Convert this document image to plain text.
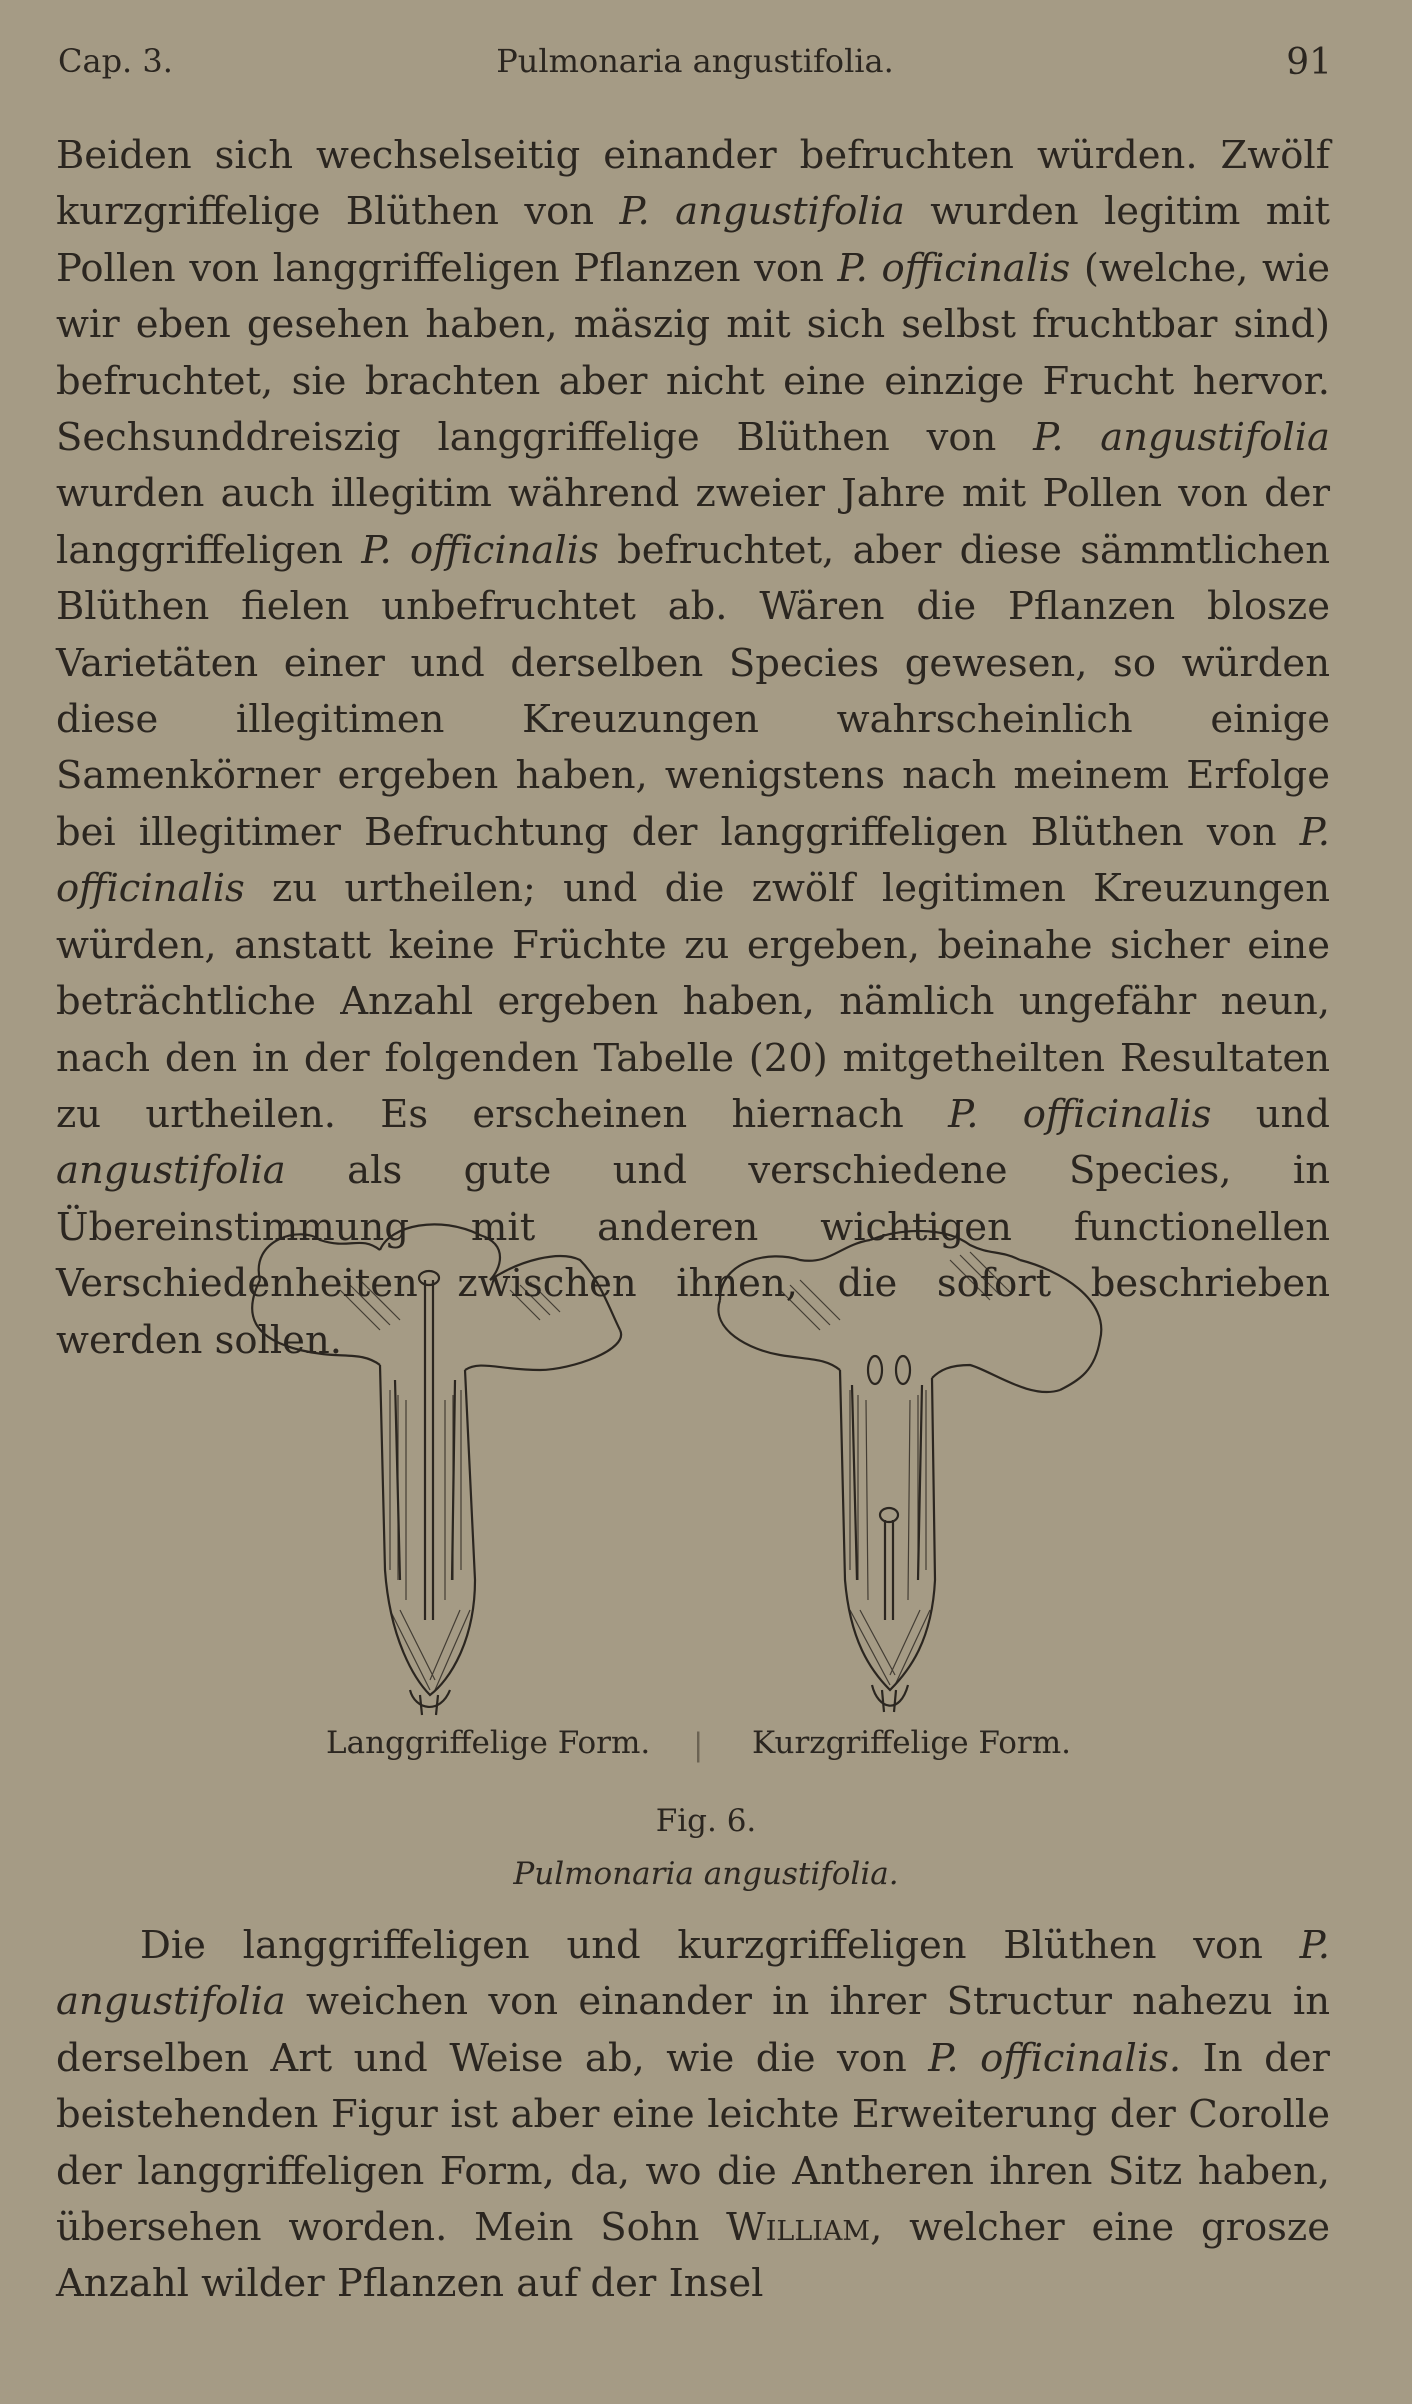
Cap. 3.	Pulmonaria angustifolia.	91

Beiden sich wechselseitig einander befruchten würden. Zwölf kurzgriffelige Blüthen von P. angustifolia wurden legitim mit Pollen von langgriffeligen Pflanzen von P. officinalis (welche, wie wir eben gesehen haben, mäszig mit sich selbst fruchtbar sind) befruchtet, sie brachten aber nicht eine einzige Frucht hervor. Sechsunddreiszig langgriffelige Blüthen von P. angustifolia wurden auch illegitim während zweier Jahre mit Pollen von der langgriffeligen P. officinalis befruchtet, aber diese sämmtlichen Blüthen fielen unbefruchtet ab. Wären die Pflanzen blosze Varietäten einer und derselben Species gewesen, so würden diese illegitimen Kreuzungen wahrscheinlich einige Samenkörner ergeben haben, wenigstens nach meinem Erfolge bei illegitimer Befruchtung der langgriffeligen Blüthen von P. officinalis zu urtheilen; und die zwölf legitimen Kreuzungen würden, anstatt keine Früchte zu ergeben, beinahe sicher eine beträchtliche Anzahl ergeben haben, nämlich ungefähr neun, nach den in der folgenden Tabelle (20) mitgetheilten Resultaten zu urtheilen. Es erscheinen hiernach P. officinalis und angustifolia als gute und verschiedene Species, in Übereinstimmung mit anderen wichtigen functionellen Verschiedenheiten zwischen ihnen, die sofort beschrieben werden sollen.

Langgriffelige Form. | Kurzgriffelige Form.
Fig. 6.
Pulmonaria angustifolia.

Die langgriffeligen und kurzgriffeligen Blüthen von P. angustifolia weichen von einander in ihrer Structur nahezu in derselben Art und Weise ab, wie die von P. officinalis. In der beistehenden Figur ist aber eine leichte Erweiterung der Corolle der langgriffeligen Form, da, wo die Antheren ihren Sitz haben, übersehen worden. Mein Sohn William, welcher eine grosze Anzahl wilder Pflanzen auf der Insel
